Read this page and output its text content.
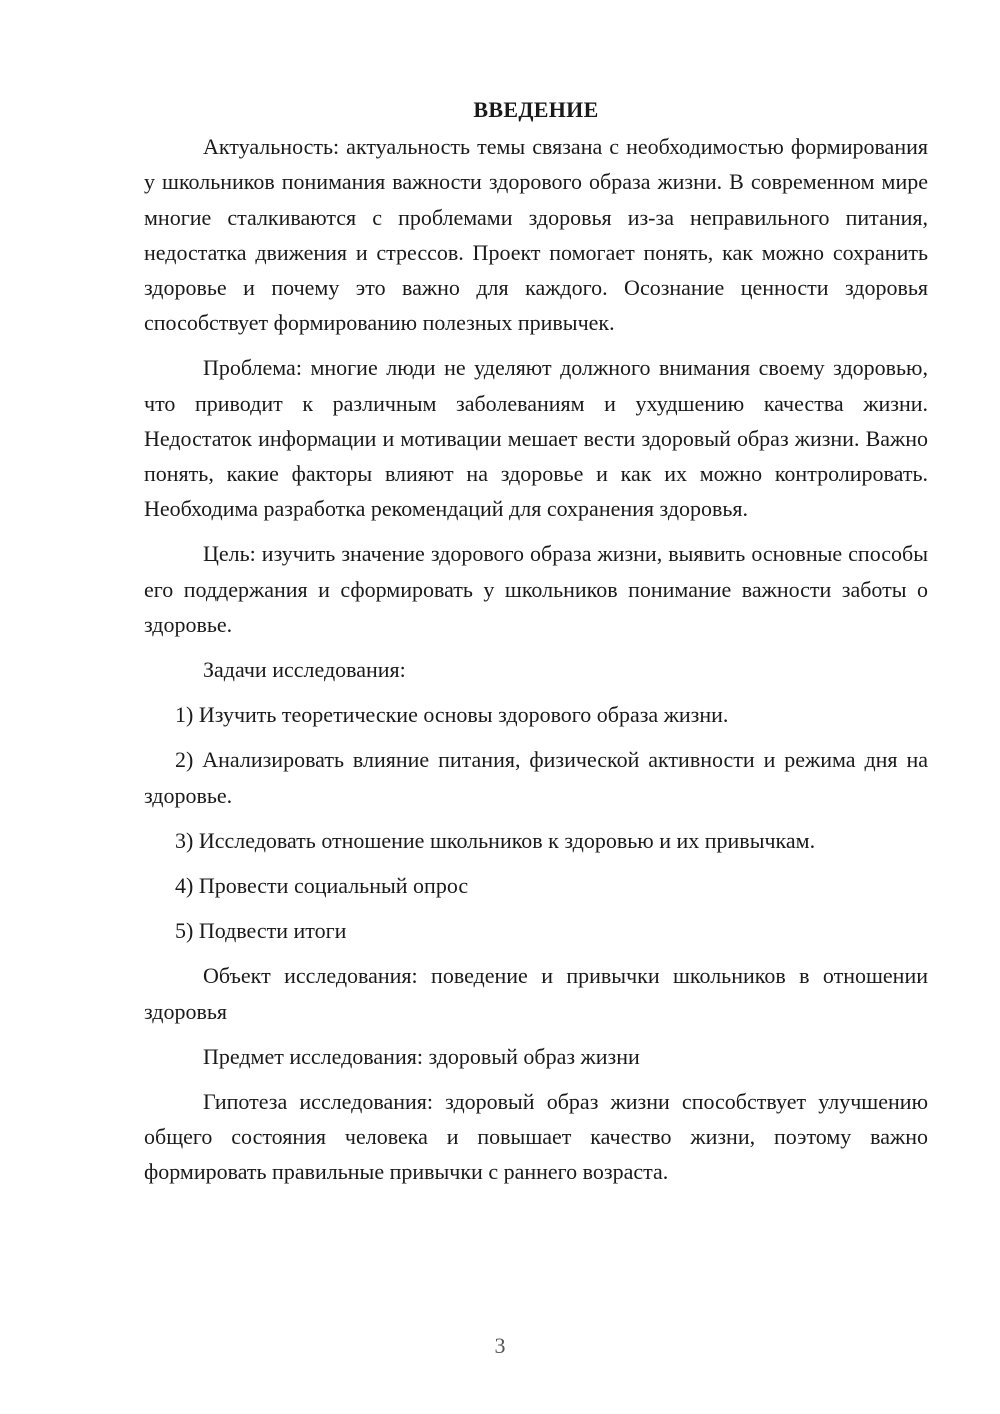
ВВЕДЕНИЕ

Актуальность: актуальность темы связана с необходимостью формирования у школьников понимания важности здорового образа жизни. В современном мире многие сталкиваются с проблемами здоровья из-за неправильного питания, недостатка движения и стрессов. Проект помогает понять, как можно сохранить здоровье и почему это важно для каждого. Осознание ценности здоровья способствует формированию полезных привычек.

Проблема: многие люди не уделяют должного внимания своему здоровью, что приводит к различным заболеваниям и ухудшению качества жизни. Недостаток информации и мотивации мешает вести здоровый образ жизни. Важно понять, какие факторы влияют на здоровье и как их можно контролировать. Необходима разработка рекомендаций для сохранения здоровья.

Цель: изучить значение здорового образа жизни, выявить основные способы его поддержания и сформировать у школьников понимание важности заботы о здоровье.

Задачи исследования:

1) Изучить теоретические основы здорового образа жизни.

2) Анализировать влияние питания, физической активности и режима дня на здоровье.

3) Исследовать отношение школьников к здоровью и их привычкам.

4) Провести социальный опрос

5) Подвести итоги

Объект исследования: поведение и привычки школьников в отношении здоровья

Предмет исследования: здоровый образ жизни

Гипотеза исследования: здоровый образ жизни способствует улучшению общего состояния человека и повышает качество жизни, поэтому важно формировать правильные привычки с раннего возраста.

3
